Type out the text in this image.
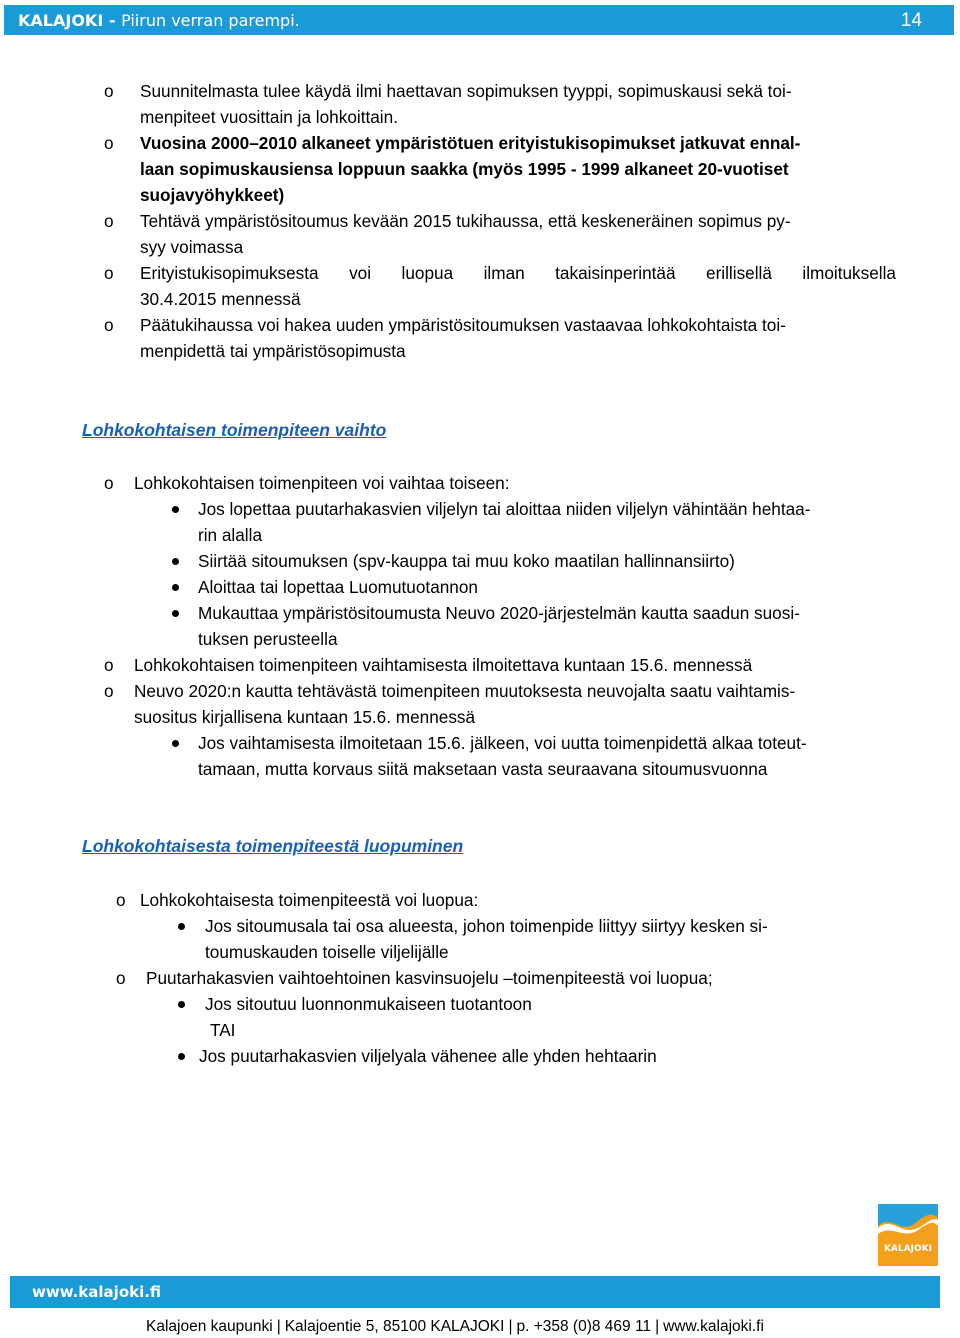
KALAJOKI - Piirun verran parempi.	14
o Suunnitelmasta tulee käydä ilmi haettavan sopimuksen tyyppi, sopimuskausi sekä toi-
menpiteet vuosittain ja lohkoittain.
o Vuosina 2000–2010 alkaneet ympäristötuen erityistukisopimukset jatkuvat ennal-
laan sopimuskausiensa loppuun saakka (myös 1995 - 1999 alkaneet 20-vuotiset
suojavyöhykkeet)
o Tehtävä ympäristösitoumus kevään 2015 tukihaussa, että keskeneräinen sopimus py-
syy voimassa
o Erityistukisopimuksesta voi luopua ilman takaisinperintää erillisellä ilmoituksella
30.4.2015 mennessä
o Päätukihaussa voi hakea uuden ympäristösitoumuksen vastaavaa lohkokohtaista toi-
menpidettä tai ympäristösopimusta
Lohkokohtaisen toimenpiteen vaihto
o Lohkokohtaisen toimenpiteen voi vaihtaa toiseen:
Jos lopettaa puutarhakasvien viljelyn tai aloittaa niiden viljelyn vähintään hehtaa-
rin alalla
Siirtää sitoumuksen (spv-kauppa tai muu koko maatilan hallinnansiirto)
Aloittaa tai lopettaa Luomutuotannon
Mukauttaa ympäristösitoumusta Neuvo 2020-järjestelmän kautta saadun suosi-
tuksen perusteella
o Lohkokohtaisen toimenpiteen vaihtamisesta ilmoitettava kuntaan 15.6. mennessä
o Neuvo 2020:n kautta tehtävästä toimenpiteen muutoksesta neuvojalta saatu vaihtamis-
suositus kirjallisena kuntaan 15.6. mennessä
Jos vaihtamisesta ilmoitetaan 15.6. jälkeen, voi uutta toimenpidettä alkaa toteut-
tamaan, mutta korvaus siitä maksetaan vasta seuraavana sitoumusvuonna
Lohkokohtaisesta toimenpiteestä luopuminen
o Lohkokohtaisesta toimenpiteestä voi luopua:
Jos sitoumusala tai osa alueesta, johon toimenpide liittyy siirtyy kesken si-
toumuskauden toiselle viljelijälle
o Puutarhakasvien vaihtoehtoinen kasvinsuojelu –toimenpiteestä voi luopua;
Jos sitoutuu luonnonmukaiseen tuotantoon
TAI
Jos puutarhakasvien viljelyala vähenee alle yhden hehtaarin
KALAJOKI
www.kalajoki.fi
Kalajoen kaupunki | Kalajoentie 5, 85100 KALAJOKI | p. +358 (0)8 469 11 | www.kalajoki.fi
